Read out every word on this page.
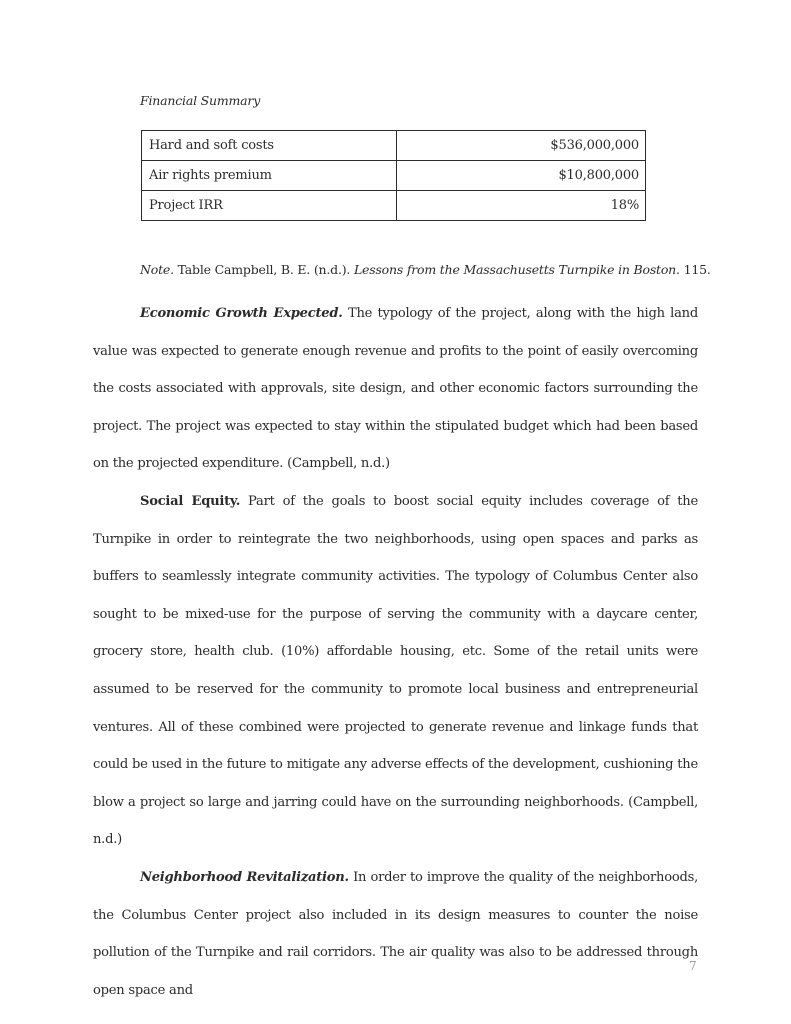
Financial Summary
Hard and soft costs	$536,000,000
Air rights premium	$10,800,000
Project IRR	18%
Note. Table Campbell, B. E. (n.d.). Lessons from the Massachusetts Turnpike in Boston. 115.

Economic Growth Expected. The typology of the project, along with the high land value was expected to generate enough revenue and profits to the point of easily overcoming the costs associated with approvals, site design, and other economic factors surrounding the project. The project was expected to stay within the stipulated budget which had been based on the projected expenditure. (Campbell, n.d.)

Social Equity. Part of the goals to boost social equity includes coverage of the Turnpike in order to reintegrate the two neighborhoods, using open spaces and parks as buffers to seamlessly integrate community activities. The typology of Columbus Center also sought to be mixed-use for the purpose of serving the community with a daycare center, grocery store, health club. (10%) affordable housing, etc. Some of the retail units were assumed to be reserved for the community to promote local business and entrepreneurial ventures. All of these combined were projected to generate revenue and linkage funds that could be used in the future to mitigate any adverse effects of the development, cushioning the blow a project so large and jarring could have on the surrounding neighborhoods. (Campbell, n.d.)

Neighborhood Revitalization. In order to improve the quality of the neighborhoods, the Columbus Center project also included in its design measures to counter the noise pollution of the Turnpike and rail corridors. The air quality was also to be addressed through open space and

7
